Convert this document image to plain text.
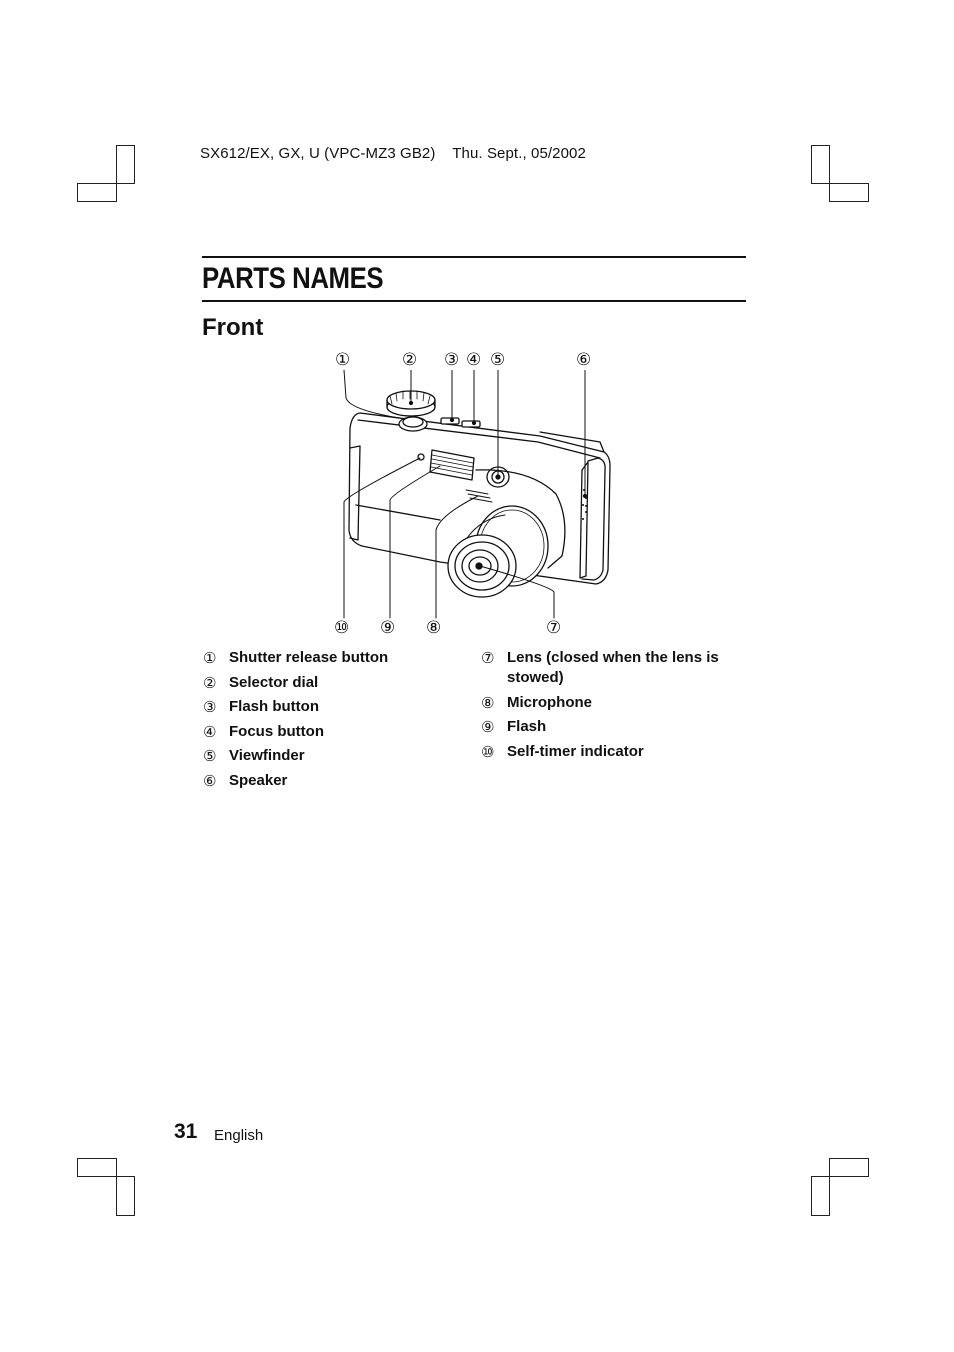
SX612/EX, GX, U (VPC-MZ3 GB2)    Thu. Sept., 05/2002
PARTS NAMES
Front
①	② ③ ④ ⑤	⑥
⑩ ⑨ ⑧	⑦
① Shutter release button
② Selector dial
③ Flash button
④ Focus button
⑤ Viewfinder
⑥ Speaker
⑦ Lens (closed when the lens is stowed)
⑧ Microphone
⑨ Flash
⑩ Self-timer indicator
31 English
